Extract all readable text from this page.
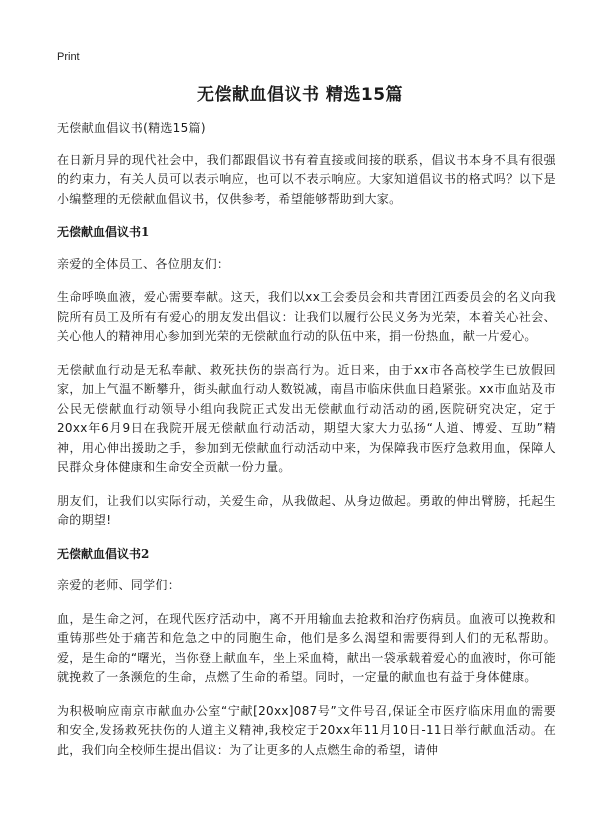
Print
无偿献血倡议书 精选15篇

无偿献血倡议书(精选15篇)

在日新月异的现代社会中，我们都跟倡议书有着直接或间接的联系，倡议书本身不具有很强的约束力，有关人员可以表示响应，也可以不表示响应。大家知道倡议书的格式吗？以下是小编整理的无偿献血倡议书，仅供参考，希望能够帮助到大家。

无偿献血倡议书1

亲爱的全体员工、各位朋友们：

生命呼唤血液，爱心需要奉献。这天，我们以xx工会委员会和共青团江西委员会的名义向我院所有员工及所有有爱心的朋友发出倡议：让我们以履行公民义务为光荣，本着关心社会、关心他人的精神用心参加到光荣的无偿献血行动的队伍中来，捐一份热血，献一片爱心。

无偿献血行动是无私奉献、救死扶伤的崇高行为。近日来，由于xx市各高校学生已放假回家，加上气温不断攀升，街头献血行动人数锐减，南昌市临床供血日趋紧张。xx市血站及市公民无偿献血行动领导小组向我院正式发出无偿献血行动活动的函,医院研究决定，定于20xx年6月9日在我院开展无偿献血行动活动，期望大家大力弘扬“人道、博爱、互助”精神，用心伸出援助之手，参加到无偿献血行动活动中来，为保障我市医疗急救用血，保障人民群众身体健康和生命安全贡献一份力量。

朋友们，让我们以实际行动，关爱生命，从我做起、从身边做起。勇敢的伸出臂膀，托起生命的期望!

无偿献血倡议书2

亲爱的老师、同学们：

血，是生命之河，在现代医疗活动中，离不开用输血去抢救和治疗伤病员。血液可以挽救和重铸那些处于痛苦和危急之中的同胞生命，他们是多么渴望和需要得到人们的无私帮助。爱，是生命的“曙光，当你登上献血车，坐上采血椅，献出一袋承载着爱心的血液时，你可能就挽救了一条濒危的生命，点燃了生命的希望。同时，一定量的献血也有益于身体健康。

为积极响应南京市献血办公室“宁献[20xx]087号”文件号召,保证全市医疗临床用血的需要和安全,发扬救死扶伤的人道主义精神,我校定于20xx年11月10日-11日举行献血活动。在此，我们向全校师生提出倡议：为了让更多的人点燃生命的希望，请伸
